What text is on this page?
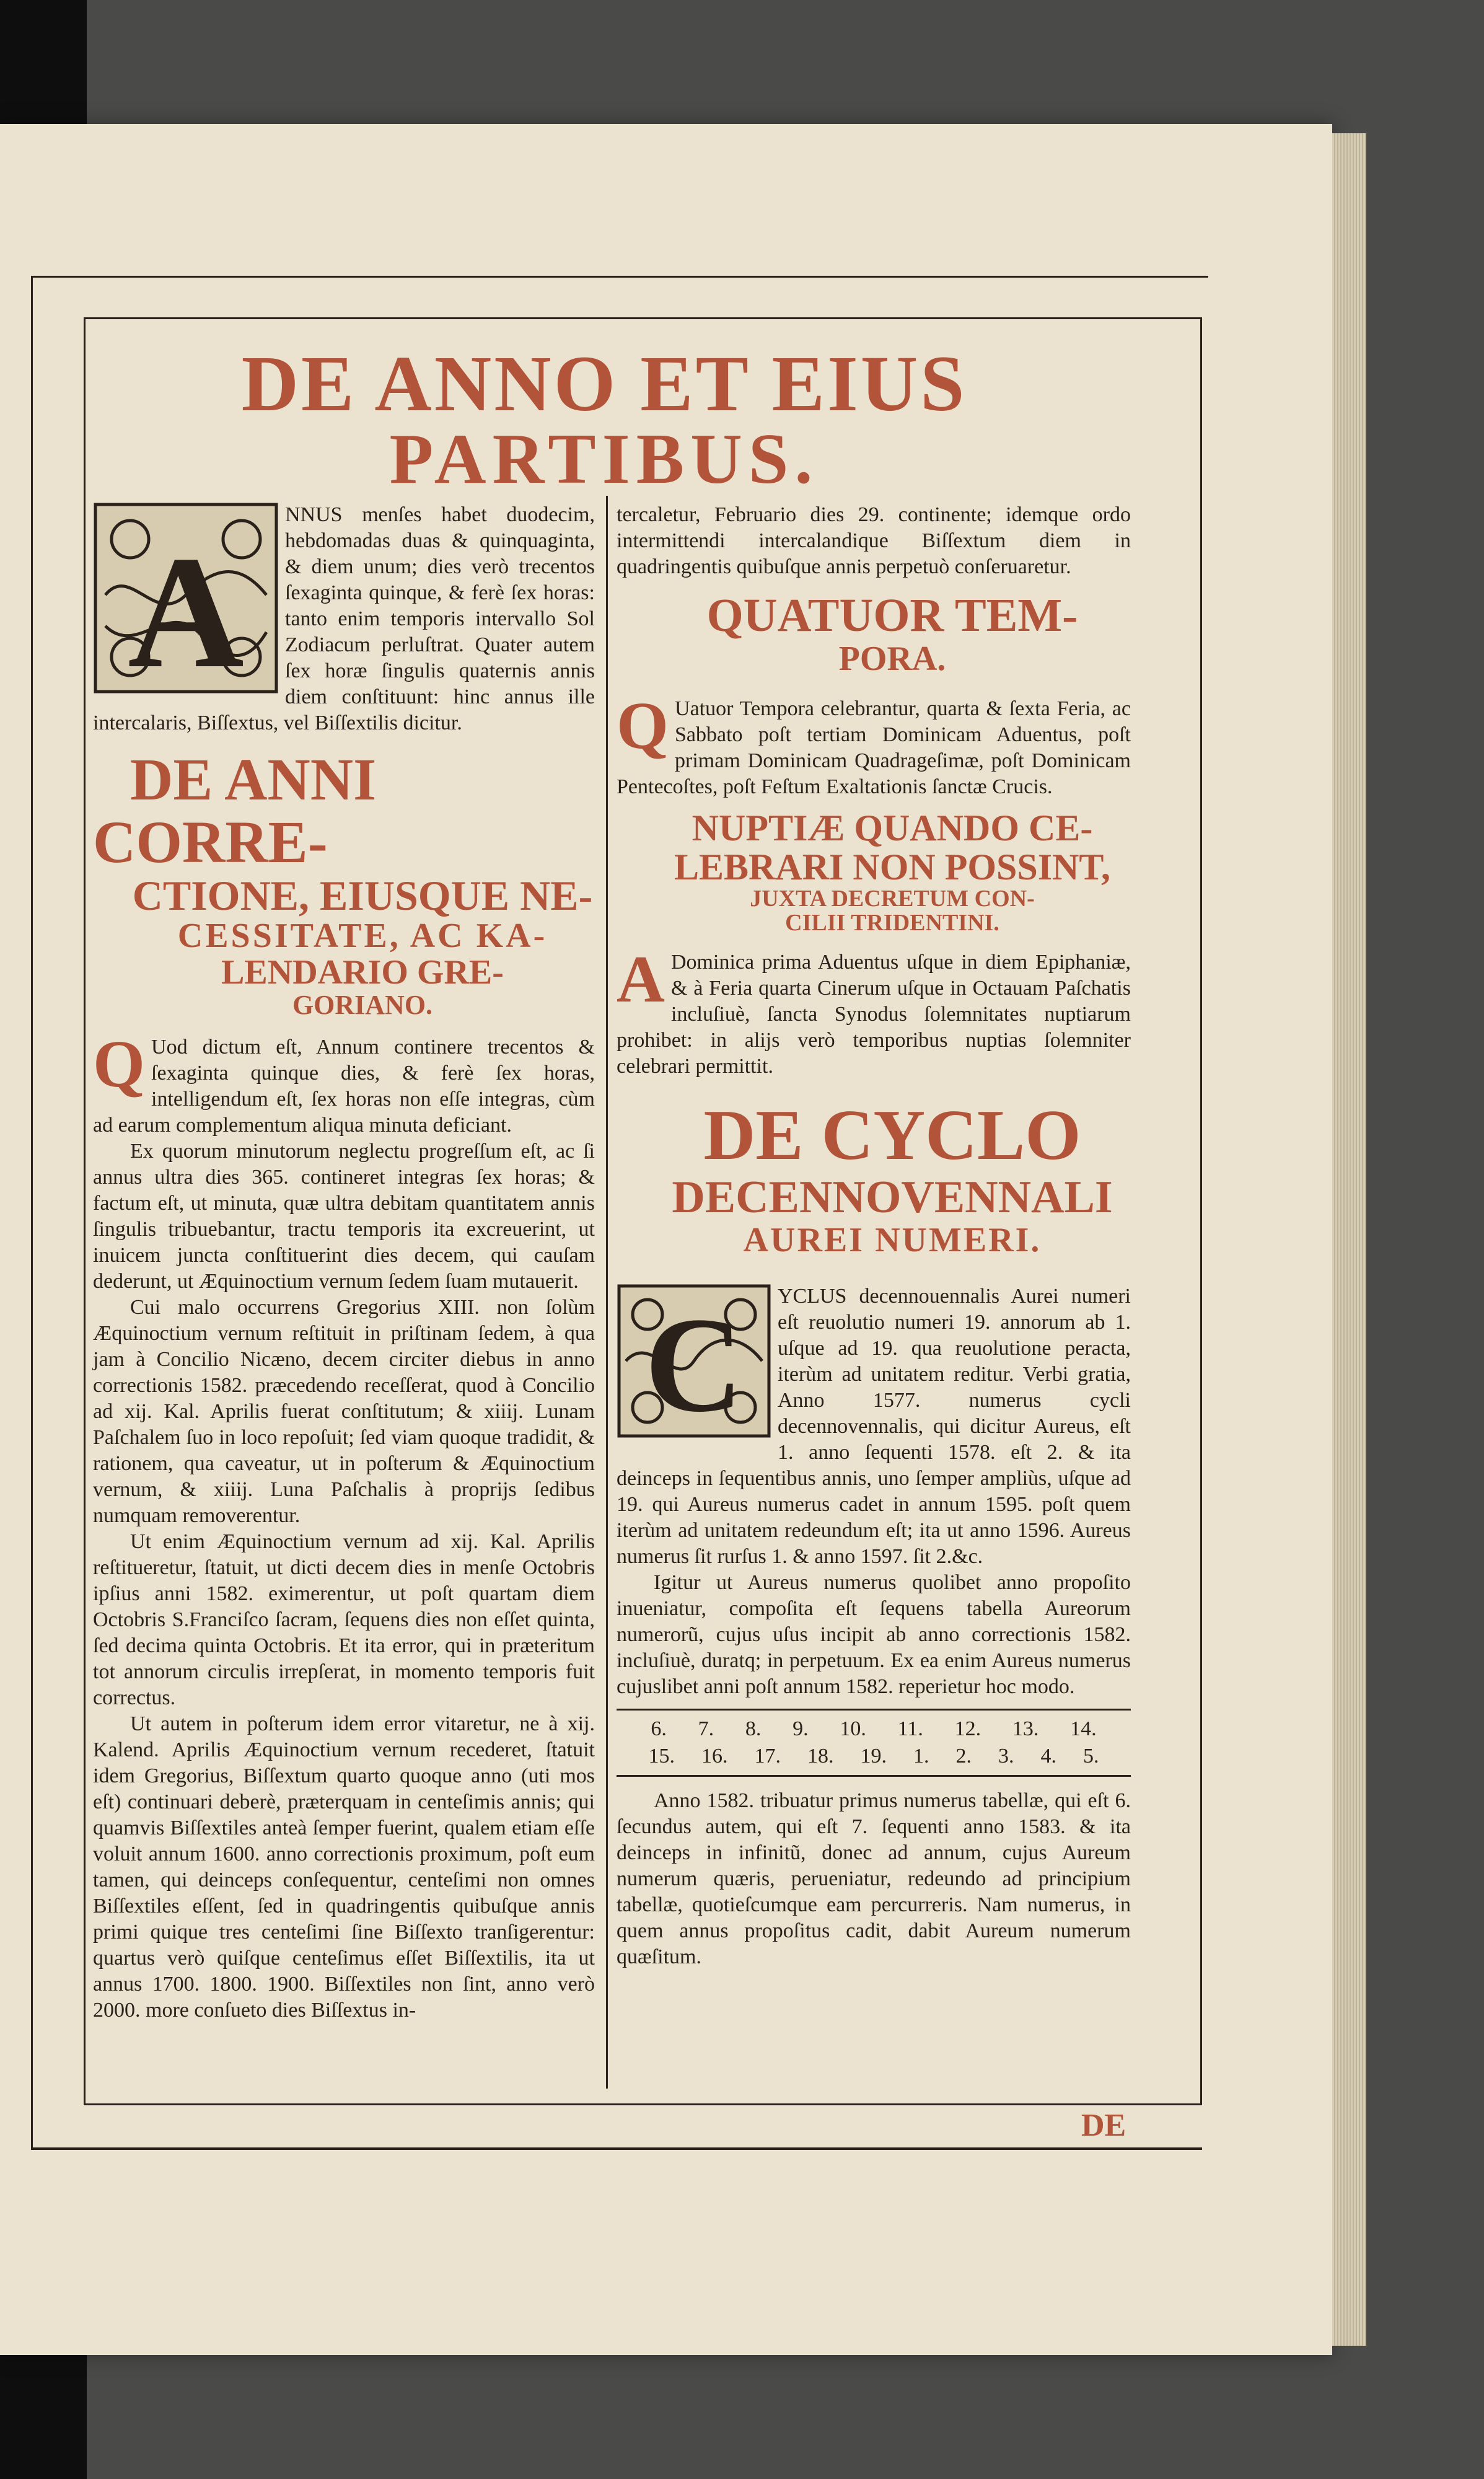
DE ANNO ET EIUS
PARTIBUS.
A

NNUS menſes habet duodecim, hebdomadas duas & quinquaginta, & diem unum; dies verò trecentos ſexaginta quinque, & ferè ſex horas: tanto enim temporis intervallo Sol Zodiacum perluſtrat. Quater autem ſex horæ ſingulis quaternis annis diem conſtituunt: hinc annus ille intercalaris, Biſſextus, vel Biſſextilis dicitur.

DE ANNI CORRE-

CTIONE, EIUSQUE NE-

CESSITATE, AC KA-

LENDARIO GRE-

GORIANO.

Q Uod dictum eſt, Annum continere trecentos & ſexaginta quinque dies, & ferè ſex horas, intelligendum eſt, ſex horas non eſſe integras, cùm ad earum complementum aliqua minuta deficiant.

Ex quorum minutorum neglectu progreſſum eſt, ac ſi annus ultra dies 365. contineret integras ſex horas; & factum eſt, ut minuta, quæ ultra debitam quantitatem annis ſingulis tribuebantur, tractu temporis ita excreuerint, ut inuicem juncta conſtituerint dies decem, qui cauſam dederunt, ut Æquinoctium vernum ſedem ſuam mutauerit.

Cui malo occurrens Gregorius XIII. non ſolùm Æquinoctium vernum reſtituit in priſtinam ſedem, à qua jam à Concilio Nicæno, decem circiter diebus in anno correctionis 1582. præcedendo receſſerat, quod à Concilio ad xij. Kal. Aprilis fuerat conſtitutum; & xiiij. Lunam Paſchalem ſuo in loco repoſuit; ſed viam quoque tradidit, & rationem, qua caveatur, ut in poſterum & Æquinoctium vernum, & xiiij. Luna Paſchalis à proprijs ſedibus numquam removerentur.

Ut enim Æquinoctium vernum ad xij. Kal. Aprilis reſtitueretur, ſtatuit, ut dicti decem dies in menſe Octobris ipſius anni 1582. eximerentur, ut poſt quartam diem Octobris S.Franciſco ſacram, ſequens dies non eſſet quinta, ſed decima quinta Octobris. Et ita error, qui in præteritum tot annorum circulis irrepſerat, in momento temporis fuit correctus.

Ut autem in poſterum idem error vitaretur, ne à xij. Kalend. Aprilis Æquinoctium vernum recederet, ſtatuit idem Gregorius, Biſſextum quarto quoque anno (uti mos eſt) continuari deberè, præterquam in centeſimis annis; qui quamvis Biſſextiles anteà ſemper fuerint, qualem etiam eſſe voluit annum 1600. anno correctionis proximum, poſt eum tamen, qui deinceps conſequentur, centeſimi non omnes Biſſextiles eſſent, ſed in quadringentis quibuſque annis primi quique tres centeſimi ſine Biſſexto tranſigerentur: quartus verò quiſque centeſimus eſſet Biſſextilis, ita ut annus 1700. 1800. 1900. Biſſextiles non ſint, anno verò 2000. more conſueto dies Biſſextus in-

tercaletur, Februario dies 29. continente; idemque ordo intermittendi intercalandique Biſſextum diem in quadringentis quibuſque annis perpetuò conſeruaretur.

QUATUOR TEM-

PORA.

Q Uatuor Tempora celebrantur, quarta & ſexta Feria, ac Sabbato poſt tertiam Dominicam Aduentus, poſt primam Dominicam Quadrageſimæ, poſt Dominicam Pentecoſtes, poſt Feſtum Exaltationis ſanctæ Crucis.

NUPTIÆ QUANDO CE-

LEBRARI NON POSSINT,

JUXTA DECRETUM CON-

CILII TRIDENTINI.

A Dominica prima Aduentus uſque in diem Epiphaniæ, & à Feria quarta Cinerum uſque in Octauam Paſchatis incluſiuè, ſancta Synodus ſolemnitates nuptiarum prohibet: in alijs verò temporibus nuptias ſolemniter celebrari permittit.

DE CYCLO

DECENNOVENNALI

AUREI NUMERI.

C	YCLUS decennouennalis Aurei numeri eſt reuolutio numeri 19. annorum ab 1. uſque ad 19. qua reuolutione peracta, iterùm ad unitatem reditur. Verbi gratia, Anno 1577. numerus cycli decennovennalis, qui dicitur Aureus, eſt 1. anno ſequenti 1578. eſt 2. & ita deinceps in ſequentibus annis, uno ſemper ampliùs, uſque ad 19. qui Aureus numerus cadet in annum 1595. poſt quem iterùm ad unitatem redeundum eſt; ita ut anno 1596. Aureus numerus ſit rurſus 1. & anno 1597. ſit 2.&c.

Igitur ut Aureus numerus quolibet anno propoſito inueniatur, compoſita eſt ſequens tabella Aureorum numerorũ, cujus uſus incipit ab anno correctionis 1582. incluſiuè, duratq; in perpetuum. Ex ea enim Aureus numerus cujuslibet anni poſt annum 1582. reperietur hoc modo.

6. 7. 8. 9. 10. 11. 12. 13. 14.
15. 16. 17. 18. 19. 1. 2. 3. 4. 5.

Anno 1582. tribuatur primus numerus tabellæ, qui eſt 6. ſecundus autem, qui eſt 7. ſequenti anno 1583. & ita deinceps in infinitũ, donec ad annum, cujus Aureum numerum quæris, perueniatur, redeundo ad principium tabellæ, quotieſcumque eam percurreris. Nam numerus, in quem annus propoſitus cadit, dabit Aureum numerum quæſitum.

DE
